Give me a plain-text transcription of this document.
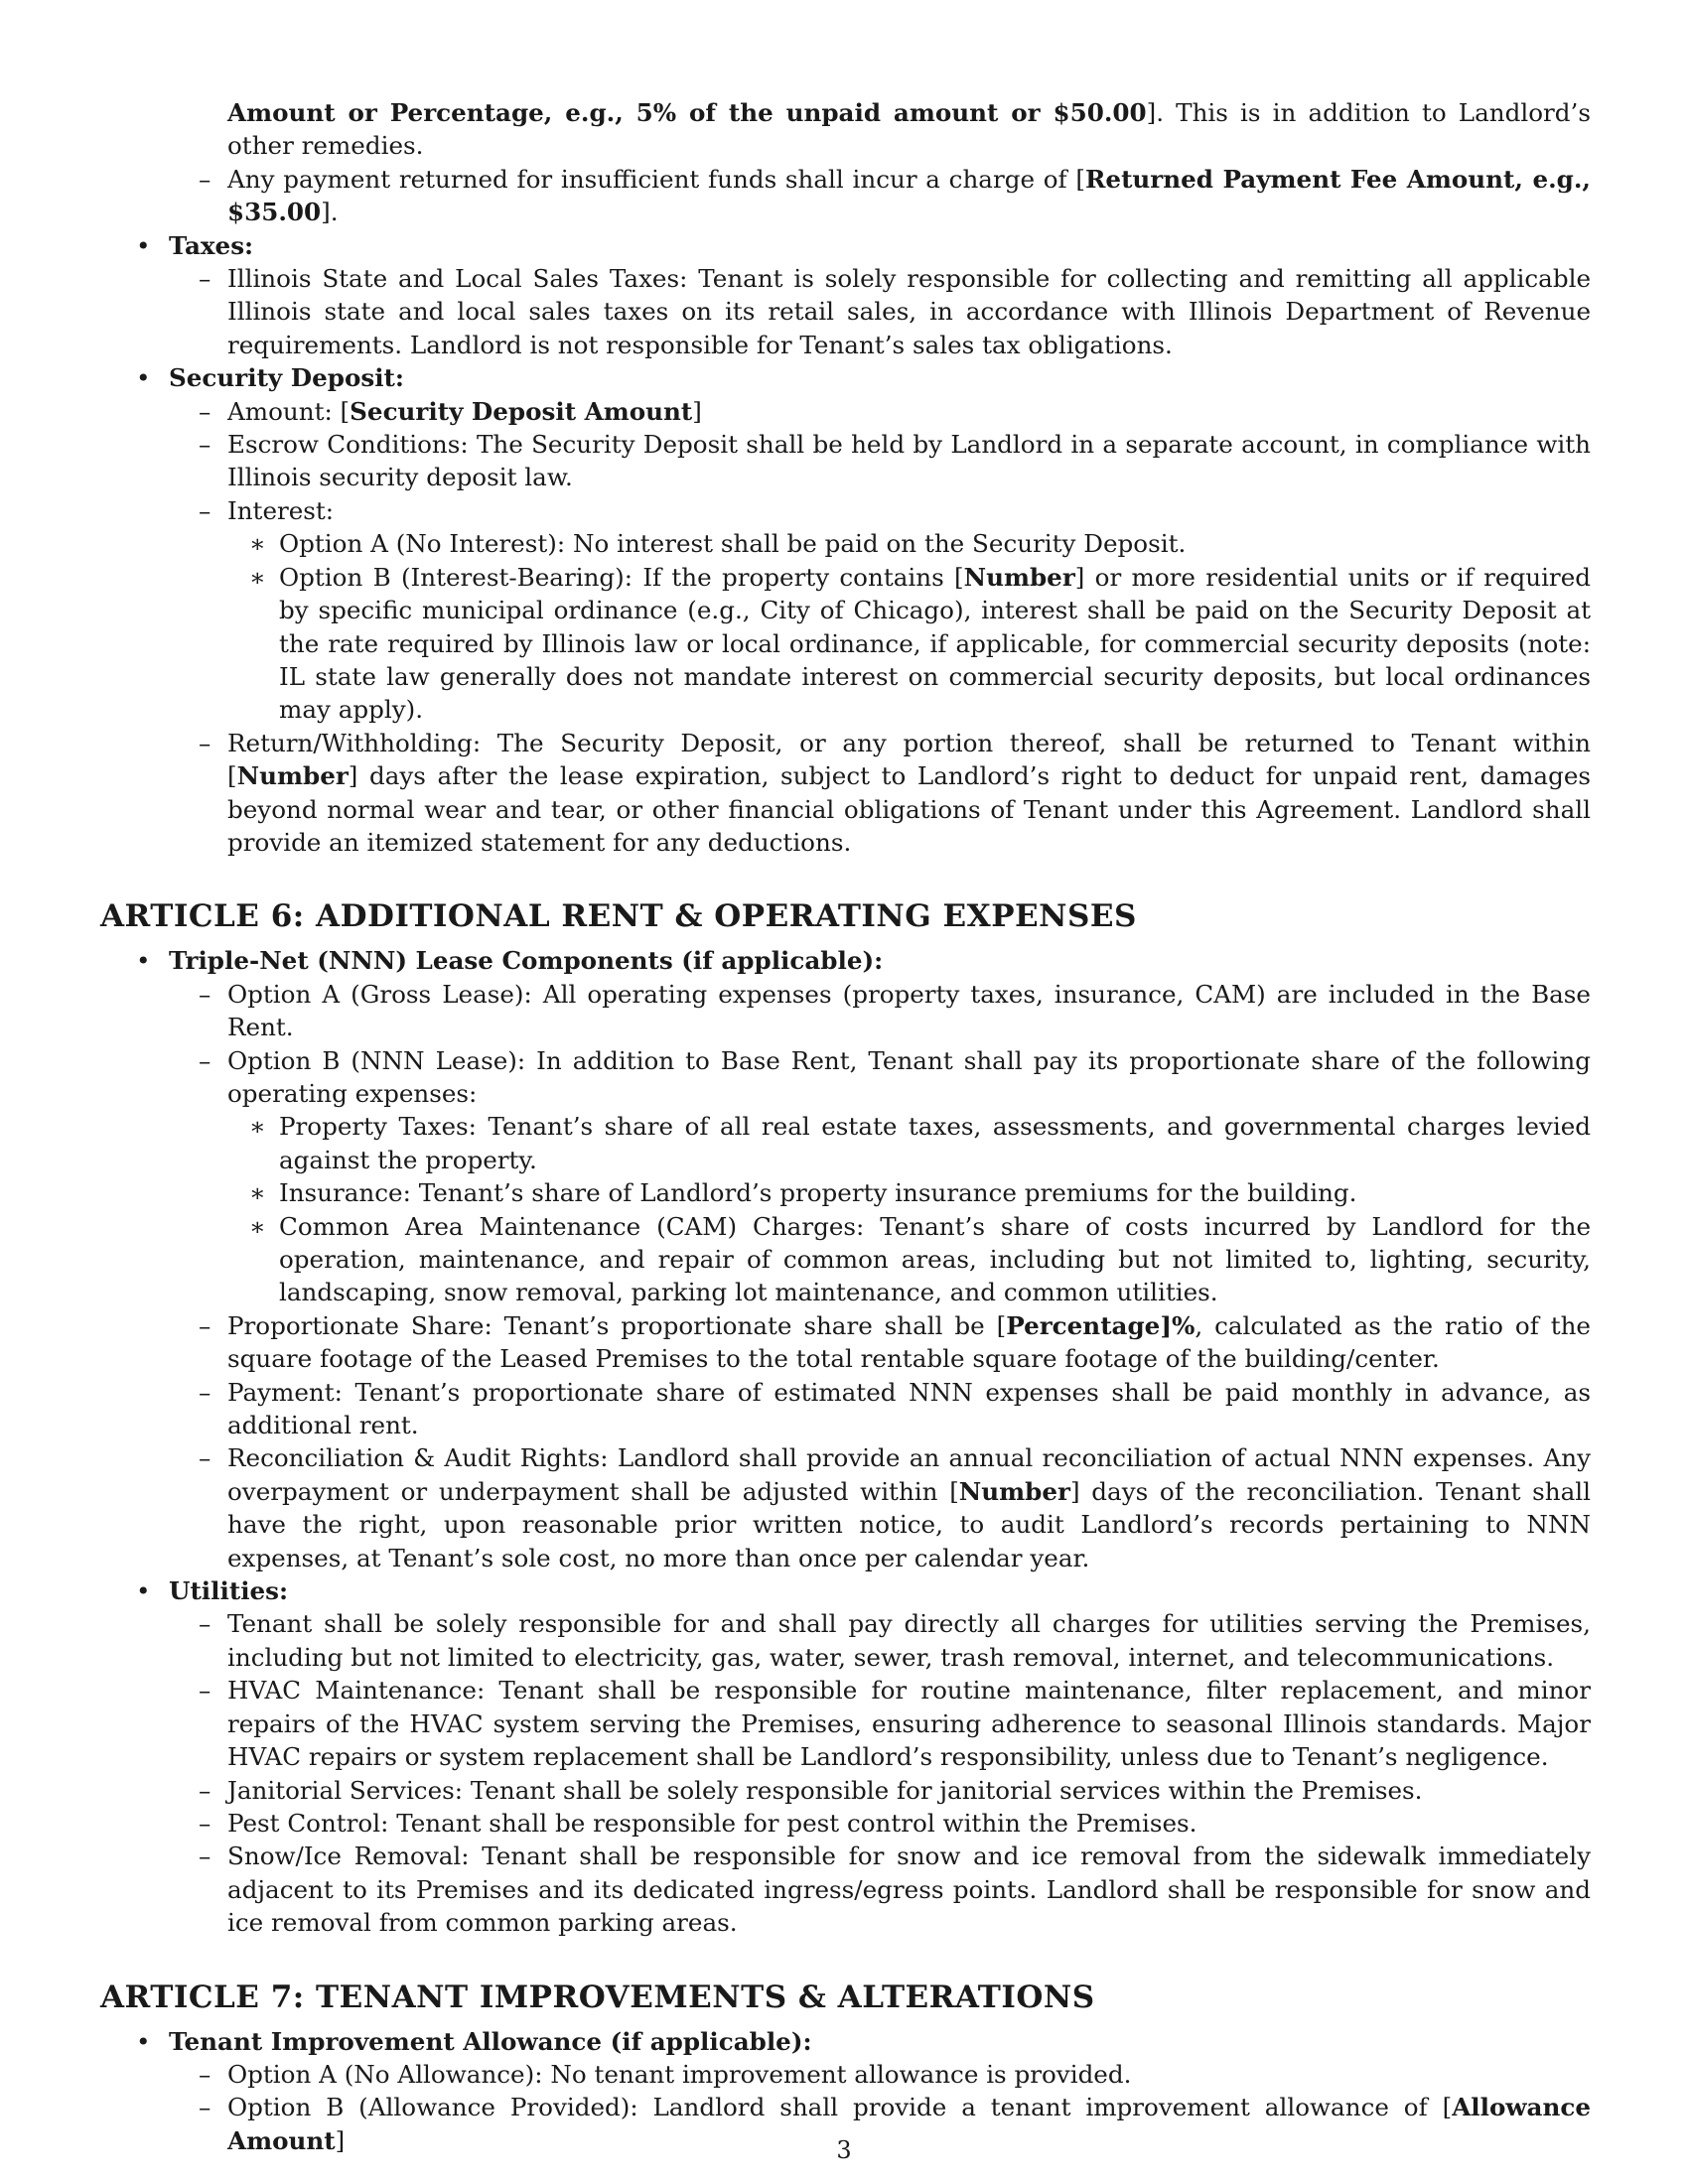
Amount or Percentage, e.g., 5% of the unpaid amount or $50.00]. This is in addition to Landlord’s other remedies.
– Any payment returned for insufficient funds shall incur a charge of [Returned Payment Fee Amount, e.g., $35.00].
• Taxes:
– Illinois State and Local Sales Taxes: Tenant is solely responsible for collecting and remitting all applicable Illinois state and local sales taxes on its retail sales, in accordance with Illinois Department of Revenue requirements. Landlord is not responsible for Tenant’s sales tax obligations.
• Security Deposit:
– Amount: [Security Deposit Amount]
– Escrow Conditions: The Security Deposit shall be held by Landlord in a separate account, in compliance with Illinois security deposit law.
– Interest:
∗ Option A (No Interest): No interest shall be paid on the Security Deposit.
∗ Option B (Interest-Bearing): If the property contains [Number] or more residential units or if required by specific municipal ordinance (e.g., City of Chicago), interest shall be paid on the Security Deposit at the rate required by Illinois law or local ordinance, if applicable, for commercial security deposits (note: IL state law generally does not mandate interest on commercial security deposits, but local ordinances may apply).
– Return/Withholding: The Security Deposit, or any portion thereof, shall be returned to Tenant within [Number] days after the lease expiration, subject to Landlord’s right to deduct for unpaid rent, damages beyond normal wear and tear, or other financial obligations of Tenant under this Agreement. Landlord shall provide an itemized statement for any deductions.
ARTICLE 6: ADDITIONAL RENT & OPERATING EXPENSES
• Triple-Net (NNN) Lease Components (if applicable):
– Option A (Gross Lease): All operating expenses (property taxes, insurance, CAM) are included in the Base Rent.
– Option B (NNN Lease): In addition to Base Rent, Tenant shall pay its proportionate share of the following operating expenses:
∗ Property Taxes: Tenant’s share of all real estate taxes, assessments, and governmental charges levied against the property.
∗ Insurance: Tenant’s share of Landlord’s property insurance premiums for the building.
∗ Common Area Maintenance (CAM) Charges: Tenant’s share of costs incurred by Landlord for the operation, maintenance, and repair of common areas, including but not limited to, lighting, security, landscaping, snow removal, parking lot maintenance, and common utilities.
– Proportionate Share: Tenant’s proportionate share shall be [Percentage]%, calculated as the ratio of the square footage of the Leased Premises to the total rentable square footage of the building/center.
– Payment: Tenant’s proportionate share of estimated NNN expenses shall be paid monthly in advance, as additional rent.
– Reconciliation & Audit Rights: Landlord shall provide an annual reconciliation of actual NNN expenses. Any overpayment or underpayment shall be adjusted within [Number] days of the reconciliation. Tenant shall have the right, upon reasonable prior written notice, to audit Landlord’s records pertaining to NNN expenses, at Tenant’s sole cost, no more than once per calendar year.
• Utilities:
– Tenant shall be solely responsible for and shall pay directly all charges for utilities serving the Premises, including but not limited to electricity, gas, water, sewer, trash removal, internet, and telecommunications.
– HVAC Maintenance: Tenant shall be responsible for routine maintenance, filter replacement, and minor repairs of the HVAC system serving the Premises, ensuring adherence to seasonal Illinois standards. Major HVAC repairs or system replacement shall be Landlord’s responsibility, unless due to Tenant’s negligence.
– Janitorial Services: Tenant shall be solely responsible for janitorial services within the Premises.
– Pest Control: Tenant shall be responsible for pest control within the Premises.
– Snow/Ice Removal: Tenant shall be responsible for snow and ice removal from the sidewalk immediately adjacent to its Premises and its dedicated ingress/egress points. Landlord shall be responsible for snow and ice removal from common parking areas.
ARTICLE 7: TENANT IMPROVEMENTS & ALTERATIONS
• Tenant Improvement Allowance (if applicable):
– Option A (No Allowance): No tenant improvement allowance is provided.
– Option B (Allowance Provided): Landlord shall provide a tenant improvement allowance of [Allowance Amount]	3
